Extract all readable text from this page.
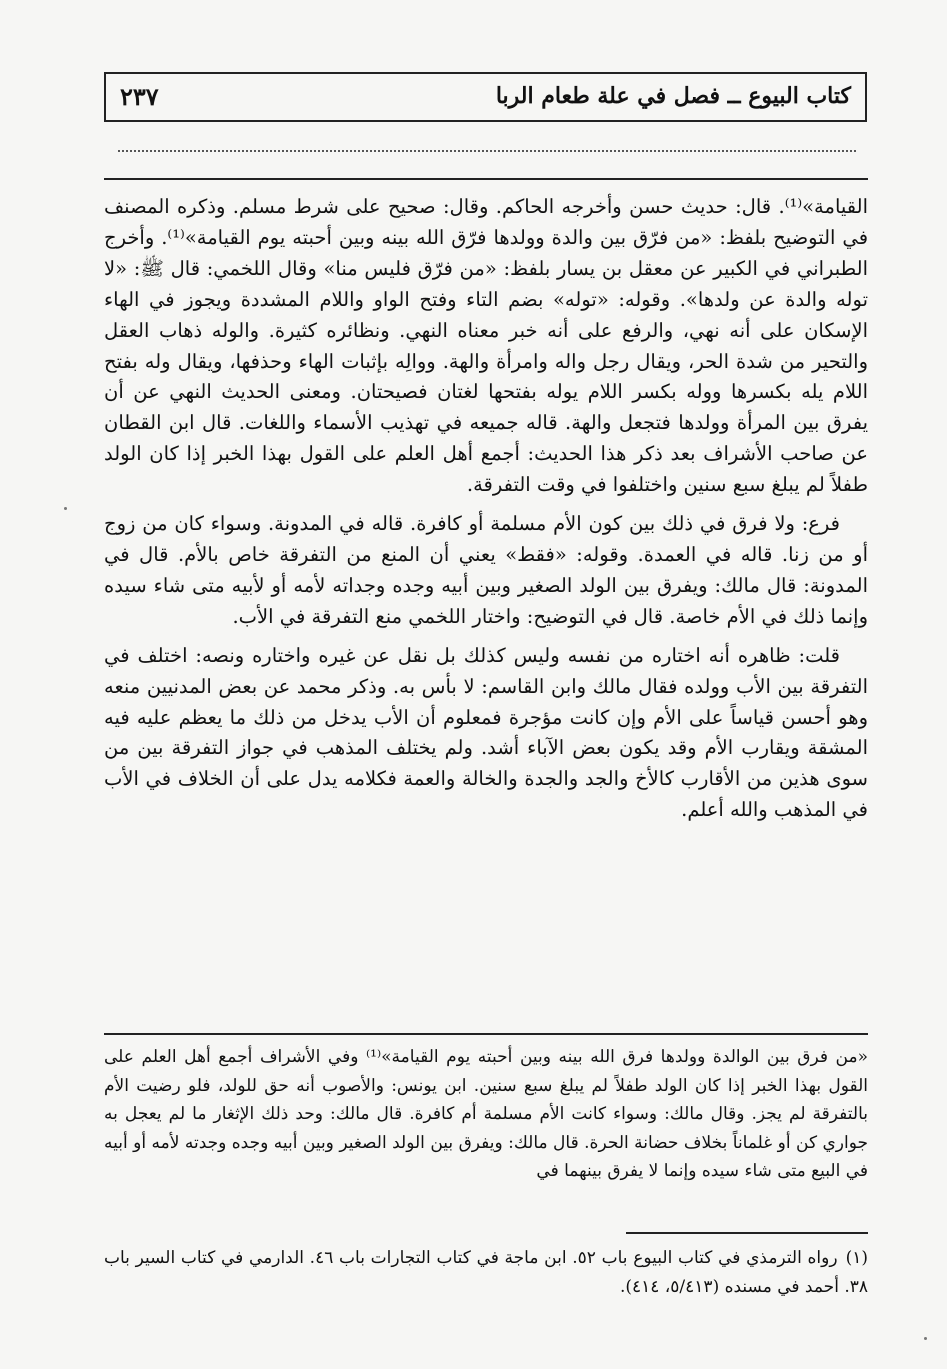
كتاب البيوع ــ فصل في علة طعام الربا
٢٣٧

القيامة»⁽¹⁾. قال: حديث حسن وأخرجه الحاكم. وقال: صحيح على شرط مسلم. وذكره المصنف في التوضيح بلفظ: «من فرّق بين والدة وولدها فرّق الله بينه وبين أحبته يوم القيامة»⁽¹⁾. وأخرج الطبراني في الكبير عن معقل بن يسار بلفظ: «من فرّق فليس منا» وقال اللخمي: قال ﷺ: «لا توله والدة عن ولدها». وقوله: «توله» بضم التاء وفتح الواو واللام المشددة ويجوز في الهاء الإسكان على أنه نهي، والرفع على أنه خبر معناه النهي. ونظائره كثيرة. والوله ذهاب العقل والتحير من شدة الحر، ويقال رجل واله وامرأة والهة. ووالِه بإثبات الهاء وحذفها، ويقال وله بفتح اللام يله بكسرها ووله بكسر اللام يوله بفتحها لغتان فصيحتان. ومعنى الحديث النهي عن أن يفرق بين المرأة وولدها فتجعل والهة. قاله جميعه في تهذيب الأسماء واللغات. قال ابن القطان عن صاحب الأشراف بعد ذكر هذا الحديث: أجمع أهل العلم على القول بهذا الخبر إذا كان الولد طفلاً لم يبلغ سبع سنين واختلفوا في وقت التفرقة.

فرع: ولا فرق في ذلك بين كون الأم مسلمة أو كافرة. قاله في المدونة. وسواء كان من زوج أو من زنا. قاله في العمدة. وقوله: «فقط» يعني أن المنع من التفرقة خاص بالأم. قال في المدونة: قال مالك: ويفرق بين الولد الصغير وبين أبيه وجده وجداته لأمه أو لأبيه متى شاء سيده وإنما ذلك في الأم خاصة. قال في التوضيح: واختار اللخمي منع التفرقة في الأب.

قلت: ظاهره أنه اختاره من نفسه وليس كذلك بل نقل عن غيره واختاره ونصه: اختلف في التفرقة بين الأب وولده فقال مالك وابن القاسم: لا بأس به. وذكر محمد عن بعض المدنيين منعه وهو أحسن قياساً على الأم وإن كانت مؤجرة فمعلوم أن الأب يدخل من ذلك ما يعظم عليه فيه المشقة ويقارب الأم وقد يكون بعض الآباء أشد. ولم يختلف المذهب في جواز التفرقة بين من سوى هذين من الأقارب كالأخ والجد والجدة والخالة والعمة فكلامه يدل على أن الخلاف في الأب في المذهب والله أعلم.

«من فرق بين الوالدة وولدها فرق الله بينه وبين أحبته يوم القيامة»⁽¹⁾ وفي الأشراف أجمع أهل العلم على القول بهذا الخبر إذا كان الولد طفلاً لم يبلغ سبع سنين. ابن يونس: والأصوب أنه حق للولد، فلو رضيت الأم بالتفرقة لم يجز. وقال مالك: وسواء كانت الأم مسلمة أم كافرة. قال مالك: وحد ذلك الإثغار ما لم يعجل به جواري كن أو غلماناً بخلاف حضانة الحرة. قال مالك: ويفرق بين الولد الصغير وبين أبيه وجده وجدته لأمه أو أبيه في البيع متى شاء سيده وإنما لا يفرق بينهما في

(١)رواه الترمذي في كتاب البيوع باب ٥٢. ابن ماجة في كتاب التجارات باب ٤٦. الدارمي في كتاب السير باب ٣٨. أحمد في مسنده (٥/٤١٣، ٤١٤).
